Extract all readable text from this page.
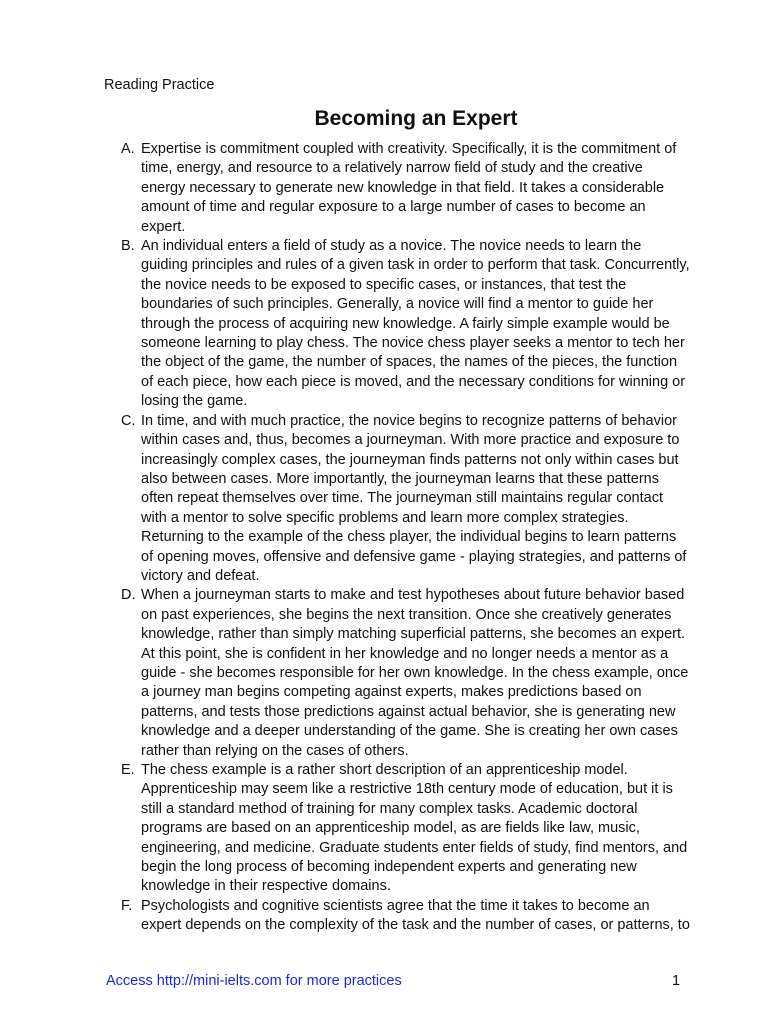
Reading Practice
Becoming an Expert
A. Expertise is commitment coupled with creativity. Specifically, it is the commitment of
time, energy, and resource to a relatively narrow field of study and the creative
energy necessary to generate new knowledge in that field. It takes a considerable
amount of time and regular exposure to a large number of cases to become an
expert.
B. An individual enters a field of study as a novice. The novice needs to learn the
guiding principles and rules of a given task in order to perform that task. Concurrently,
the novice needs to be exposed to specific cases, or instances, that test the
boundaries of such principles. Generally, a novice will find a mentor to guide her
through the process of acquiring new knowledge. A fairly simple example would be
someone learning to play chess. The novice chess player seeks a mentor to tech her
the object of the game, the number of spaces, the names of the pieces, the function
of each piece, how each piece is moved, and the necessary conditions for winning or
losing the game.
C. In time, and with much practice, the novice begins to recognize patterns of behavior
within cases and, thus, becomes a journeyman. With more practice and exposure to
increasingly complex cases, the journeyman finds patterns not only within cases but
also between cases. More importantly, the journeyman learns that these patterns
often repeat themselves over time. The journeyman still maintains regular contact
with a mentor to solve specific problems and learn more complex strategies.
Returning to the example of the chess player, the individual begins to learn patterns
of opening moves, offensive and defensive game - playing strategies, and patterns of
victory and defeat.
D. When a journeyman starts to make and test hypotheses about future behavior based
on past experiences, she begins the next transition. Once she creatively generates
knowledge, rather than simply matching superficial patterns, she becomes an expert.
At this point, she is confident in her knowledge and no longer needs a mentor as a
guide - she becomes responsible for her own knowledge. In the chess example, once
a journey man begins competing against experts, makes predictions based on
patterns, and tests those predictions against actual behavior, she is generating new
knowledge and a deeper understanding of the game. She is creating her own cases
rather than relying on the cases of others.
E. The chess example is a rather short description of an apprenticeship model.
Apprenticeship may seem like a restrictive 18th century mode of education, but it is
still a standard method of training for many complex tasks. Academic doctoral
programs are based on an apprenticeship model, as are fields like law, music,
engineering, and medicine. Graduate students enter fields of study, find mentors, and
begin the long process of becoming independent experts and generating new
knowledge in their respective domains.
F. Psychologists and cognitive scientists agree that the time it takes to become an
expert depends on the complexity of the task and the number of cases, or patterns, to
Access http://mini-ielts.com for more practices	1
